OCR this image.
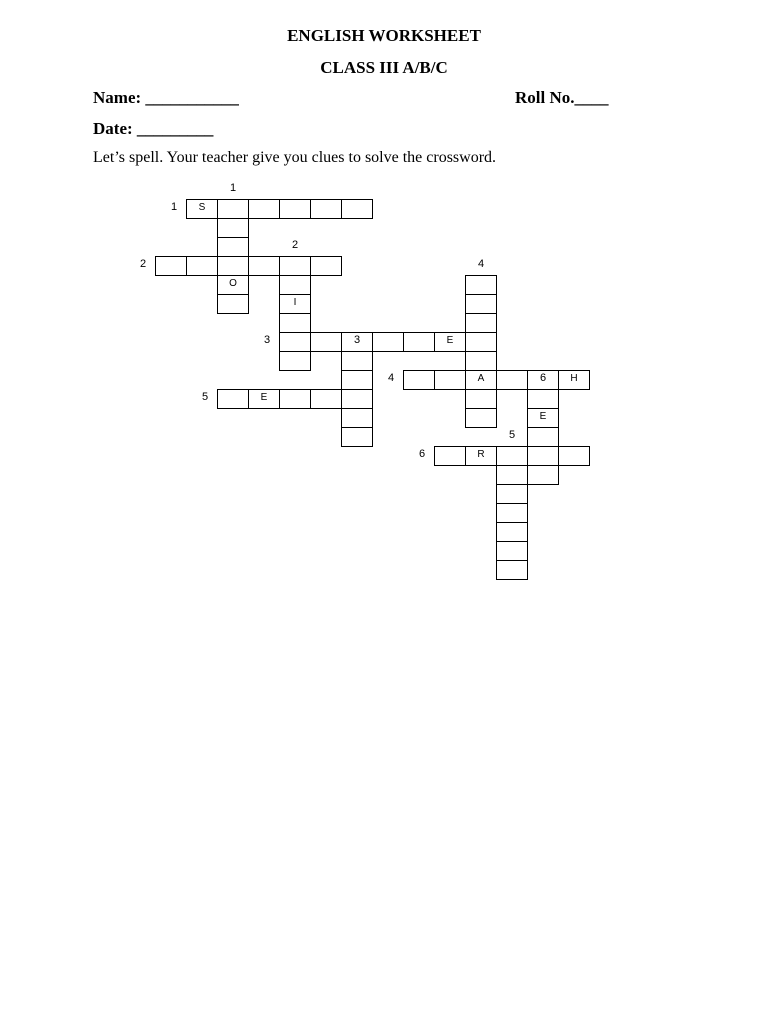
ENGLISH WORKSHEET
CLASS III A/B/C
Name: ___________	Roll No.____
Date: _________
Let’s spell. Your teacher give you clues to solve the crossword.
S
E
A	H
E
R
O
I
E
1
2
3
4
5
6
1
2
3
4
5
6
